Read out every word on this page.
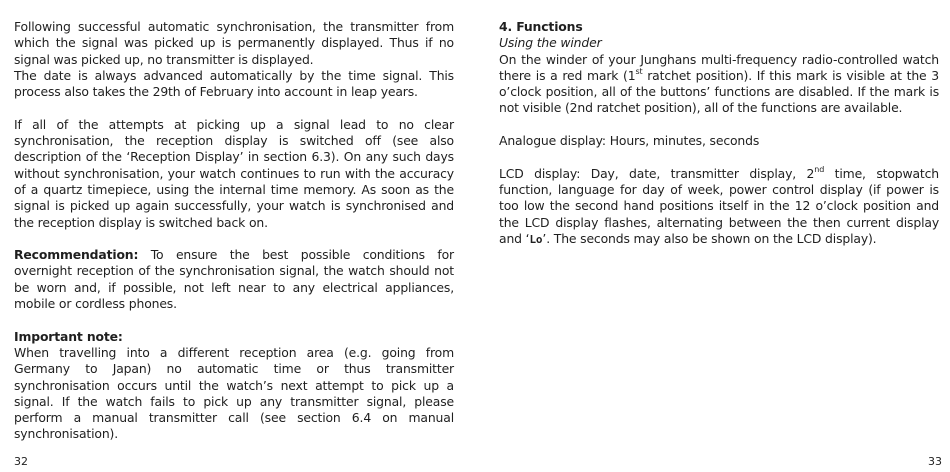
Following successful automatic synchronisation, the transmitter from which the signal was picked up is permanently displayed. Thus if no signal was picked up, no transmitter is displayed.

The date is always advanced automatically by the time signal. This process also takes the 29th of February into account in leap years.

If all of the attempts at picking up a signal lead to no clear synchronisation, the reception display is switched off (see also description of the ‘Reception Display’ in section 6.3). On any such days without synchronisation, your watch continues to run with the accuracy of a quartz timepiece, using the internal time memory. As soon as the signal is picked up again successfully, your watch is synchronised and the reception display is switched back on.

Recommendation: To ensure the best possible conditions for overnight reception of the synchronisation signal, the watch should not be worn and, if possible, not left near to any electrical appliances, mobile or cordless phones.

Important note:

When travelling into a different reception area (e.g. going from Germany to Japan) no automatic time or thus transmitter synchronisation occurs until the watch’s next attempt to pick up a signal. If the watch fails to pick up any transmitter signal, please perform a manual transmitter call (see section 6.4 on manual synchronisation).

4. Functions

Using the winder

On the winder of your Junghans multi-frequency radio-controlled watch there is a red mark (1st ratchet position). If this mark is visible at the 3 o’clock position, all of the buttons’ functions are disabled. If the mark is not visible (2nd ratchet position), all of the functions are available.

Analogue display: Hours, minutes, seconds

LCD display: Day, date, transmitter display, 2nd time, stopwatch function, language for day of week, power control display (if power is too low the second hand positions itself in the 12 o’clock position and the LCD display flashes, alternating between the then current display and ‘Lo’. The seconds may also be shown on the LCD display).

32	33
